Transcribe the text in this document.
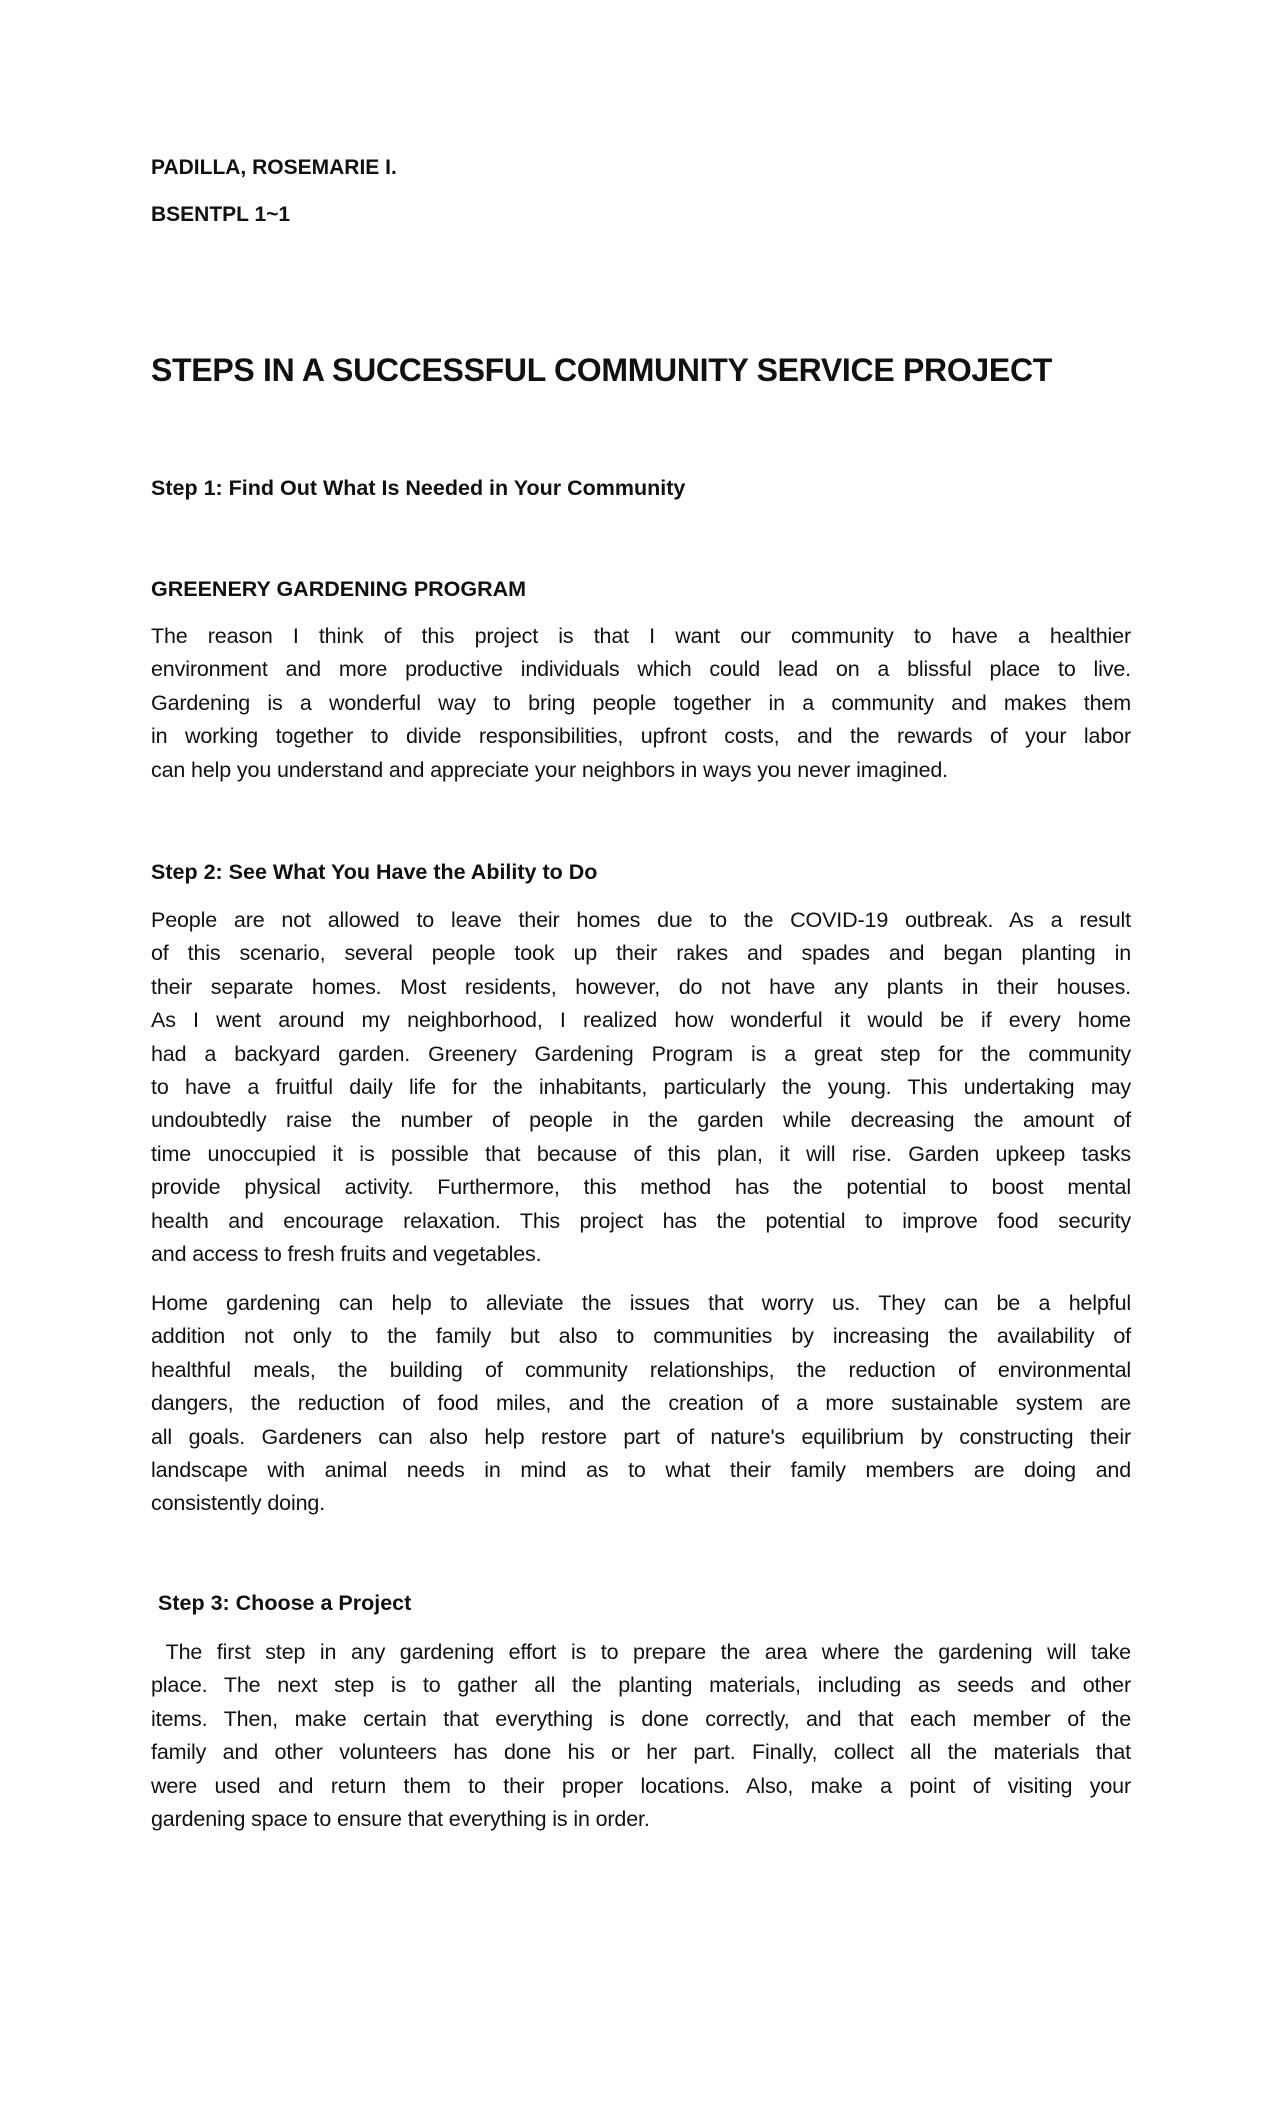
PADILLA, ROSEMARIE I.
BSENTPL 1~1
STEPS IN A SUCCESSFUL COMMUNITY SERVICE PROJECT
Step 1: Find Out What Is Needed in Your Community
GREENERY GARDENING PROGRAM
The reason I think of this project is that I want our community to have a healthier
environment and more productive individuals which could lead on a blissful place to live.
Gardening is a wonderful way to bring people together in a community and makes them
in working together to divide responsibilities, upfront costs, and the rewards of your labor
can help you understand and appreciate your neighbors in ways you never imagined.
Step 2: See What You Have the Ability to Do
People are not allowed to leave their homes due to the COVID-19 outbreak. As a result
of this scenario, several people took up their rakes and spades and began planting in
their separate homes. Most residents, however, do not have any plants in their houses.
As I went around my neighborhood, I realized how wonderful it would be if every home
had a backyard garden. Greenery Gardening Program is a great step for the community
to have a fruitful daily life for the inhabitants, particularly the young. This undertaking may
undoubtedly raise the number of people in the garden while decreasing the amount of
time unoccupied it is possible that because of this plan, it will rise. Garden upkeep tasks
provide physical activity. Furthermore, this method has the potential to boost mental
health and encourage relaxation. This project has the potential to improve food security
and access to fresh fruits and vegetables.
Home gardening can help to alleviate the issues that worry us. They can be a helpful
addition not only to the family but also to communities by increasing the availability of
healthful meals, the building of community relationships, the reduction of environmental
dangers, the reduction of food miles, and the creation of a more sustainable system are
all goals. Gardeners can also help restore part of nature's equilibrium by constructing their
landscape with animal needs in mind as to what their family members are doing and
consistently doing.
Step 3: Choose a Project
The first step in any gardening effort is to prepare the area where the gardening will take
place. The next step is to gather all the planting materials, including as seeds and other
items. Then, make certain that everything is done correctly, and that each member of the
family and other volunteers has done his or her part. Finally, collect all the materials that
were used and return them to their proper locations. Also, make a point of visiting your
gardening space to ensure that everything is in order.
